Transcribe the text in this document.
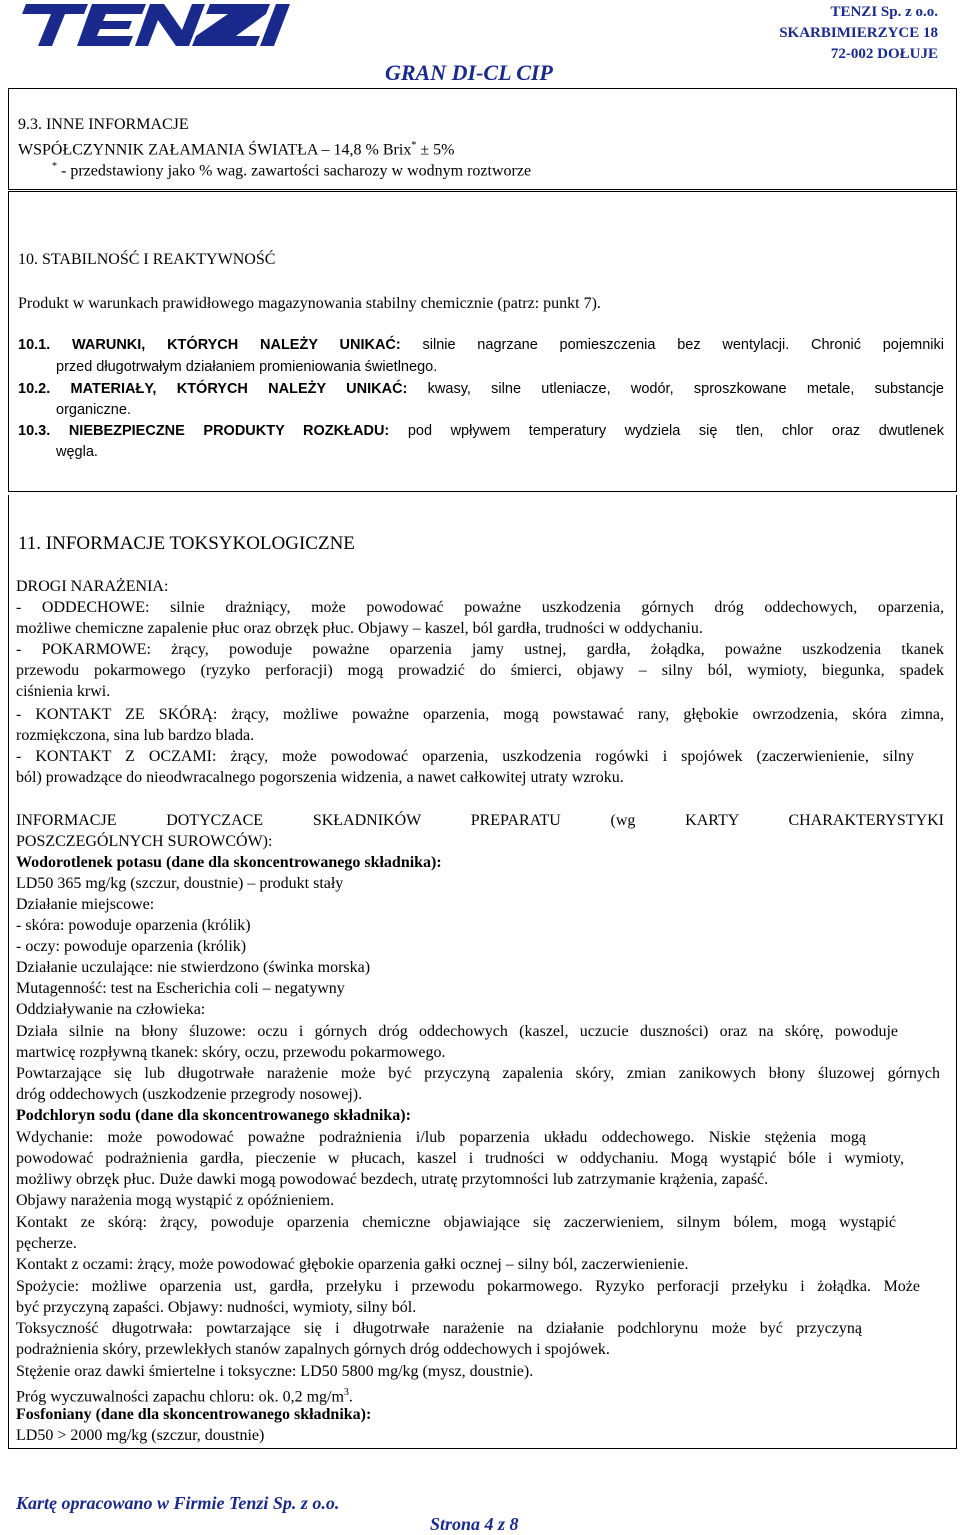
TENZI Sp. z o.o.
SKARBIMIERZYCE 18
72-002 DOŁUJE
GRAN DI-CL CIP
9.3. INNE INFORMACJE
WSPÓŁCZYNNIK ZAŁAMANIA ŚWIATŁA – 14,8 % Brix* ± 5%
* - przedstawiony jako % wag. zawartości sacharozy w wodnym roztworze
10. STABILNOŚĆ I REAKTYWNOŚĆ
Produkt w warunkach prawidłowego magazynowania stabilny chemicznie (patrz: punkt 7).
10.1. WARUNKI, KTÓRYCH NALEŻY UNIKAĆ: silnie nagrzane pomieszczenia bez wentylacji. Chronić pojemniki
przed długotrwałym działaniem promieniowania świetlnego.
10.2. MATERIAŁY, KTÓRYCH NALEŻY UNIKAĆ: kwasy, silne utleniacze, wodór, sproszkowane metale, substancje
organiczne.
10.3. NIEBEZPIECZNE PRODUKTY ROZKŁADU: pod wpływem temperatury wydziela się tlen, chlor oraz dwutlenek
węgla.
11. INFORMACJE TOKSYKOLOGICZNE
DROGI NARAŻENIA:
- ODDECHOWE: silnie drażniący, może powodować poważne uszkodzenia górnych dróg oddechowych, oparzenia,
możliwe chemiczne zapalenie płuc oraz obrzęk płuc. Objawy – kaszel, ból gardła, trudności w oddychaniu.
- POKARMOWE: żrący, powoduje poważne oparzenia jamy ustnej, gardła, żołądka, poważne uszkodzenia tkanek
przewodu pokarmowego (ryzyko perforacji) mogą prowadzić do śmierci, objawy – silny ból, wymioty, biegunka, spadek
ciśnienia krwi.
- KONTAKT ZE SKÓRĄ: żrący, możliwe poważne oparzenia, mogą powstawać rany, głębokie owrzodzenia, skóra zimna,
rozmiękczona, sina lub bardzo blada.
- KONTAKT Z OCZAMI: żrący, może powodować oparzenia, uszkodzenia rogówki i spojówek (zaczerwienienie, silny
ból) prowadzące do nieodwracalnego pogorszenia widzenia, a nawet całkowitej utraty wzroku.
INFORMACJE DOTYCZACE SKŁADNIKÓW PREPARATU (wg KARTY CHARAKTERYSTYKI
POSZCZEGÓLNYCH SUROWCÓW):
Wodorotlenek potasu (dane dla skoncentrowanego składnika):
LD50 365 mg/kg (szczur, doustnie) – produkt stały
Działanie miejscowe:
- skóra: powoduje oparzenia (królik)
- oczy: powoduje oparzenia (królik)
Działanie uczulające: nie stwierdzono (świnka morska)
Mutagenność: test na Escherichia coli – negatywny
Oddziaływanie na człowieka:
Działa silnie na błony śluzowe: oczu i górnych dróg oddechowych (kaszel, uczucie duszności) oraz na skórę, powoduje
martwicę rozpływną tkanek: skóry, oczu, przewodu pokarmowego.
Powtarzające się lub długotrwałe narażenie może być przyczyną zapalenia skóry, zmian zanikowych błony śluzowej górnych
dróg oddechowych (uszkodzenie przegrody nosowej).
Podchloryn sodu (dane dla skoncentrowanego składnika):
Wdychanie: może powodować poważne podrażnienia i/lub poparzenia układu oddechowego. Niskie stężenia mogą
powodować podrażnienia gardła, pieczenie w płucach, kaszel i trudności w oddychaniu. Mogą wystąpić bóle i wymioty,
możliwy obrzęk płuc. Duże dawki mogą powodować bezdech, utratę przytomności lub zatrzymanie krążenia, zapaść.
Objawy narażenia mogą wystąpić z opóźnieniem.
Kontakt ze skórą: żrący, powoduje oparzenia chemiczne objawiające się zaczerwieniem, silnym bólem, mogą wystąpić
pęcherze.
Kontakt z oczami: żrący, może powodować głębokie oparzenia gałki ocznej – silny ból, zaczerwienienie.
Spożycie: możliwe oparzenia ust, gardła, przełyku i przewodu pokarmowego. Ryzyko perforacji przełyku i żołądka. Może
być przyczyną zapaści. Objawy: nudności, wymioty, silny ból.
Toksyczność długotrwała: powtarzające się i długotrwałe narażenie na działanie podchlorynu może być przyczyną
podrażnienia skóry, przewlekłych stanów zapalnych górnych dróg oddechowych i spojówek.
Stężenie oraz dawki śmiertelne i toksyczne: LD50 5800 mg/kg (mysz, doustnie).
Próg wyczuwalności zapachu chloru: ok. 0,2 $mg/m^3$.
Fosfoniany (dane dla skoncentrowanego składnika):
LD50 > 2000 mg/kg (szczur, doustnie)
Kartę opracowano w Firmie Tenzi Sp. z o.o.
Strona 4 z 8
